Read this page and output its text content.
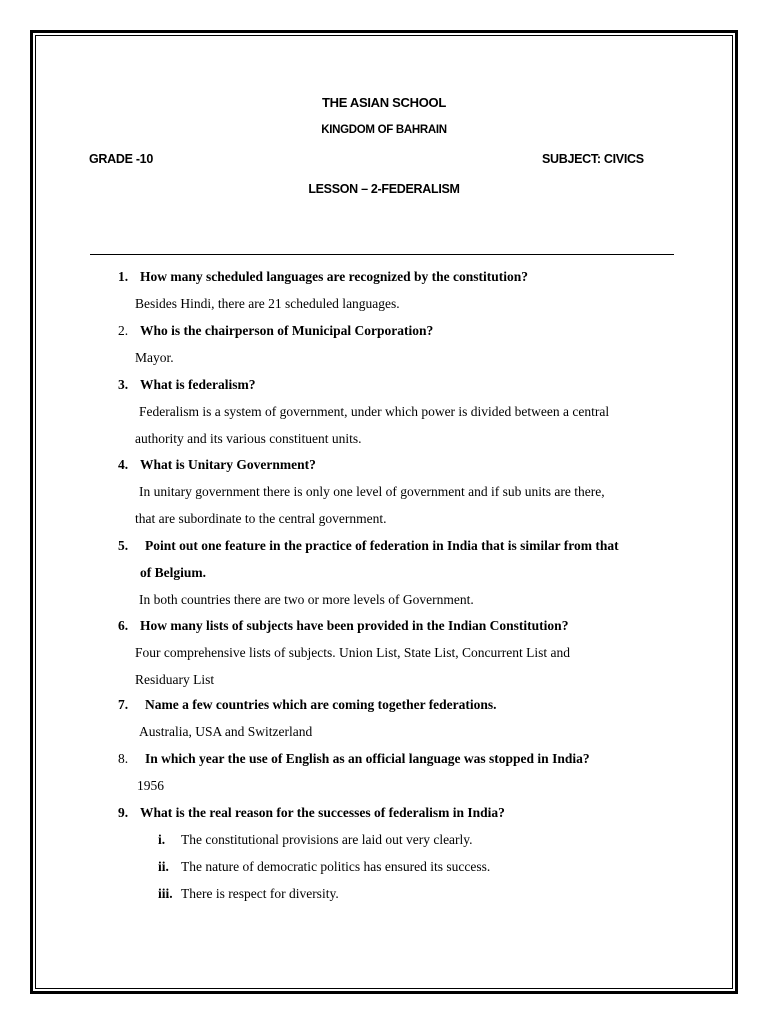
THE ASIAN SCHOOL
KINGDOM OF BAHRAIN
GRADE -10	SUBJECT: CIVICS
LESSON – 2-FEDERALISM
1. How many scheduled languages are recognized by the constitution?
Besides Hindi, there are 21 scheduled languages.
2. Who is the chairperson of Municipal Corporation?
Mayor.
3. What is federalism?
Federalism is a system of government, under which power is divided between a central
authority and its various constituent units.
4. What is Unitary Government?
In unitary government there is only one level of government and if sub units are there,
that are subordinate to the central government.
5. Point out one feature in the practice of federation in India that is similar from that
of Belgium.
In both countries there are two or more levels of Government.
6. How many lists of subjects have been provided in the Indian Constitution?
Four comprehensive lists of subjects. Union List, State List, Concurrent List and
Residuary List
7. Name a few countries which are coming together federations.
Australia, USA and Switzerland
8. In which year the use of English as an official language was stopped in India?
1956
9. What is the real reason for the successes of federalism in India?
i. The constitutional provisions are laid out very clearly.
ii. The nature of democratic politics has ensured its success.
iii. There is respect for diversity.
